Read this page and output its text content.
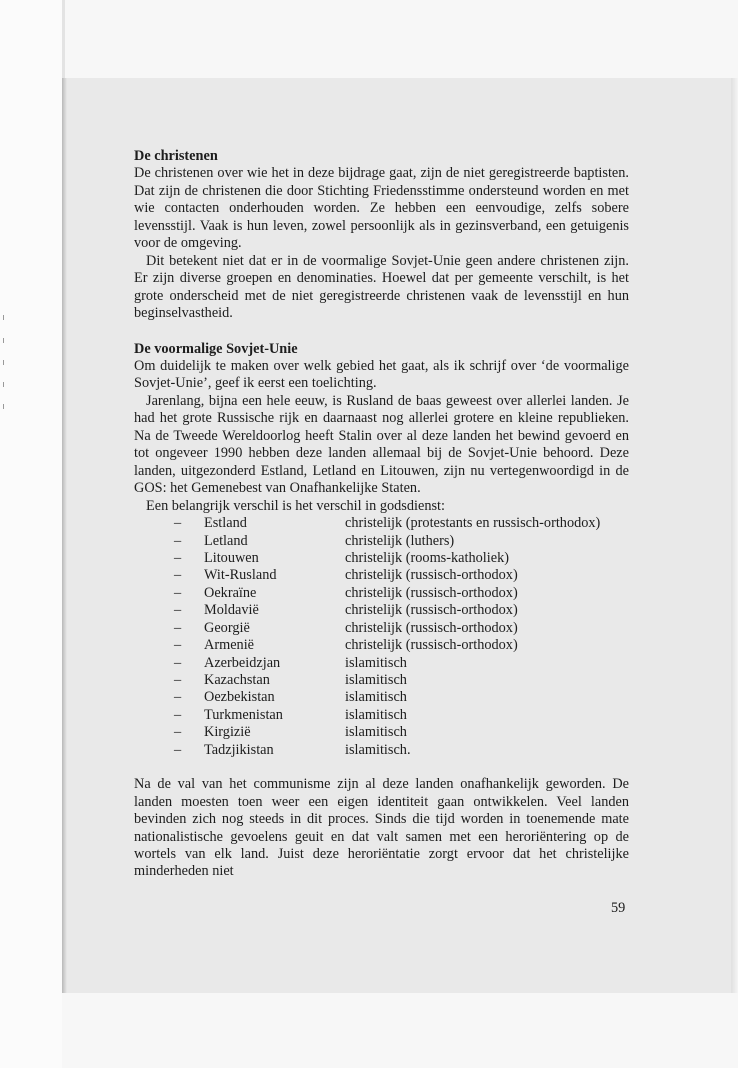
De christenen

De christenen over wie het in deze bijdrage gaat, zijn de niet geregistreerde baptisten. Dat zijn de christenen die door Stichting Friedensstimme ondersteund worden en met wie contacten onderhouden worden. Ze hebben een eenvoudige, zelfs sobere levensstijl. Vaak is hun leven, zowel persoonlijk als in gezinsverband, een getuigenis voor de omgeving.

Dit betekent niet dat er in de voormalige Sovjet-Unie geen andere christenen zijn. Er zijn diverse groepen en denominaties. Hoewel dat per gemeente verschilt, is het grote onderscheid met de niet geregistreerde christenen vaak de levensstijl en hun beginselvastheid.

De voormalige Sovjet-Unie

Om duidelijk te maken over welk gebied het gaat, als ik schrijf over ‘de voormalige Sovjet-Unie’, geef ik eerst een toelichting.

Jarenlang, bijna een hele eeuw, is Rusland de baas geweest over allerlei landen. Je had het grote Russische rijk en daarnaast nog allerlei grotere en kleine republieken. Na de Tweede Wereldoorlog heeft Stalin over al deze landen het bewind gevoerd en tot ongeveer 1990 hebben deze landen allemaal bij de Sovjet-Unie behoord. Deze landen, uitgezonderd Estland, Letland en Litouwen, zijn nu vertegenwoordigd in de GOS: het Gemenebest van Onafhankelijke Staten.

Een belangrijk verschil is het verschil in godsdienst:

–	Estland	christelijk (protestants en russisch-orthodox)
–	Letland	christelijk (luthers)
–	Litouwen	christelijk (rooms-katholiek)
–	Wit-Rusland	christelijk (russisch-orthodox)
–	Oekraïne	christelijk (russisch-orthodox)
–	Moldavië	christelijk (russisch-orthodox)
–	Georgië	christelijk (russisch-orthodox)
–	Armenië	christelijk (russisch-orthodox)
–	Azerbeidzjan	islamitisch
–	Kazachstan	islamitisch
–	Oezbekistan	islamitisch
–	Turkmenistan	islamitisch
–	Kirgizië	islamitisch
–	Tadzjikistan	islamitisch.

Na de val van het communisme zijn al deze landen onafhankelijk geworden. De landen moesten toen weer een eigen identiteit gaan ontwikkelen. Veel landen bevinden zich nog steeds in dit proces. Sinds die tijd worden in toenemende mate nationalistische gevoelens geuit en dat valt samen met een heroriëntering op de wortels van elk land. Juist deze heroriëntatie zorgt ervoor dat het christelijke minderheden niet

59
